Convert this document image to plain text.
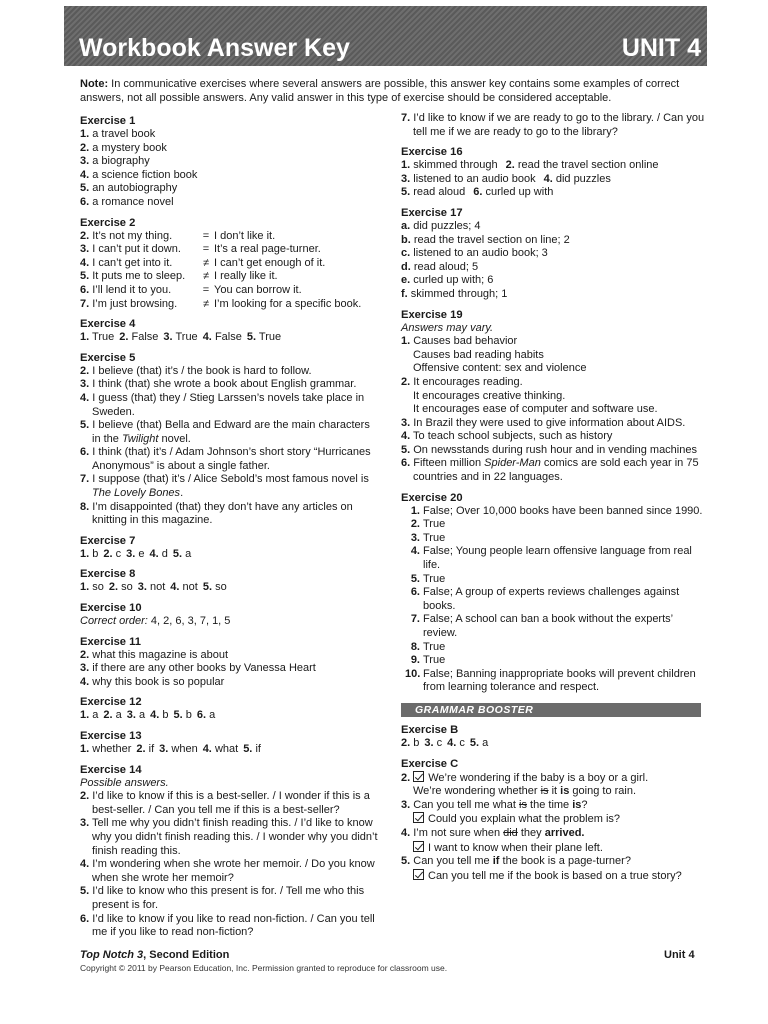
Workbook Answer Key	UNIT 4
Note: In communicative exercises where several answers are possible, this answer key contains some examples of correct answers, not all possible answers. Any valid answer in this type of exercise should be considered acceptable.
Exercise 1
1. a travel book
2. a mystery book
3. a biography
4. a science fiction book
5. an autobiography
6. a romance novel
Exercise 2
2. It’s not my thing.	= I don’t like it.
3. I can’t put it down.	= It’s a real page-turner.
4. I can’t get into it.	≠ I can’t get enough of it.
5. It puts me to sleep.	≠ I really like it.
6. I’ll lend it to you.	= You can borrow it.
7. I’m just browsing.	≠ I’m looking for a specific book.
Exercise 4
1. True 2. False 3. True 4. False 5. True
Exercise 5
2. I believe (that) it’s / the book is hard to follow.
3. I think (that) she wrote a book about English grammar.
4. I guess (that) they / Stieg Larssen’s novels take place in Sweden.
5. I believe (that) Bella and Edward are the main characters in the Twilight novel.
6. I think (that) it’s / Adam Johnson’s short story “Hurricanes Anonymous” is about a single father.
7. I suppose (that) it’s / Alice Sebold’s most famous novel is The Lovely Bones.
8. I’m disappointed (that) they don’t have any articles on knitting in this magazine.
Exercise 7
1. b 2. c 3. e 4. d 5. a
Exercise 8
1. so 2. so 3. not 4. not 5. so
Exercise 10
Correct order: 4, 2, 6, 3, 7, 1, 5
Exercise 11
2. what this magazine is about
3. if there are any other books by Vanessa Heart
4. why this book is so popular
Exercise 12
1. a 2. a 3. a 4. b 5. b 6. a
Exercise 13
1. whether 2. if 3. when 4. what 5. if
Exercise 14
Possible answers.
2. I’d like to know if this is a best-seller. / I wonder if this is a best-seller. / Can you tell me if this is a best-seller?
3. Tell me why you didn’t finish reading this. / I’d like to know why you didn’t finish reading this. / I wonder why you didn’t finish reading this.
4. I’m wondering when she wrote her memoir. / Do you know when she wrote her memoir?
5. I’d like to know who this present is for. / Tell me who this present is for.
6. I’d like to know if you like to read non-fiction. / Can you tell me if you like to read non-fiction?
7. I’d like to know if we are ready to go to the library. / Can you tell me if we are ready to go to the library?
Exercise 16
1. skimmed through 2. read the travel section online
3. listened to an audio book 4. did puzzles
5. read aloud 6. curled up with
Exercise 17
a. did puzzles; 4
b. read the travel section on line; 2
c. listened to an audio book; 3
d. read aloud; 5
e. curled up with; 6
f. skimmed through; 1
Exercise 19
Answers may vary.
1. Causes bad behavior
Causes bad reading habits
Offensive content: sex and violence
2. It encourages reading.
It encourages creative thinking.
It encourages ease of computer and software use.
3. In Brazil they were used to give information about AIDS.
4. To teach school subjects, such as history
5. On newsstands during rush hour and in vending machines
6. Fifteen million Spider-Man comics are sold each year in 75 countries and in 22 languages.
Exercise 20
1. False; Over 10,000 books have been banned since 1990.
2. True
3. True
4. False; Young people learn offensive language from real life.
5. True
6. False; A group of experts reviews challenges against books.
7. False; A school can ban a book without the experts’ review.
8. True
9. True
10. False; Banning inappropriate books will prevent children from learning tolerance and respect.
GRAMMAR BOOSTER
Exercise B
2. b 3. c 4. c 5. a
Exercise C
2. We’re wondering if the baby is a boy or a girl.
We’re wondering whether is it is going to rain.
3. Can you tell me what is the time is?
Could you explain what the problem is?
4. I’m not sure when did they arrived.
I want to know when their plane left.
5. Can you tell me if the book is a page-turner?
Can you tell me if the book is based on a true story?
Top Notch 3, Second Edition	Unit 4
Copyright © 2011 by Pearson Education, Inc. Permission granted to reproduce for classroom use.
